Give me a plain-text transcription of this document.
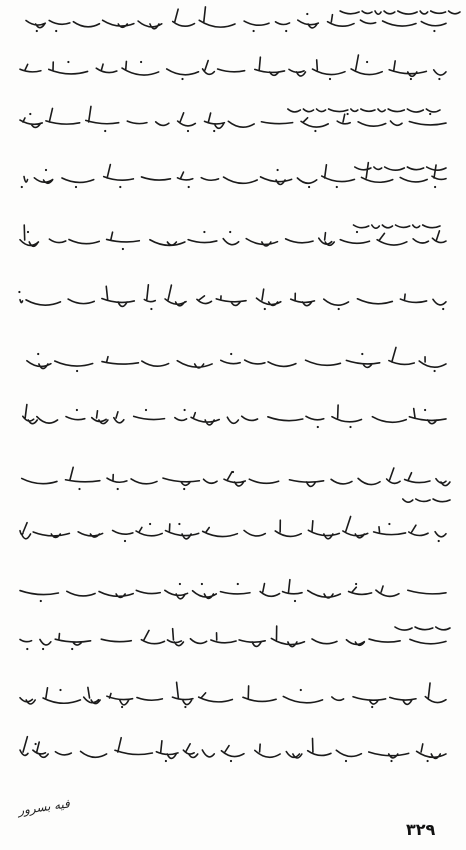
فیه بسرور
٣٢٩
